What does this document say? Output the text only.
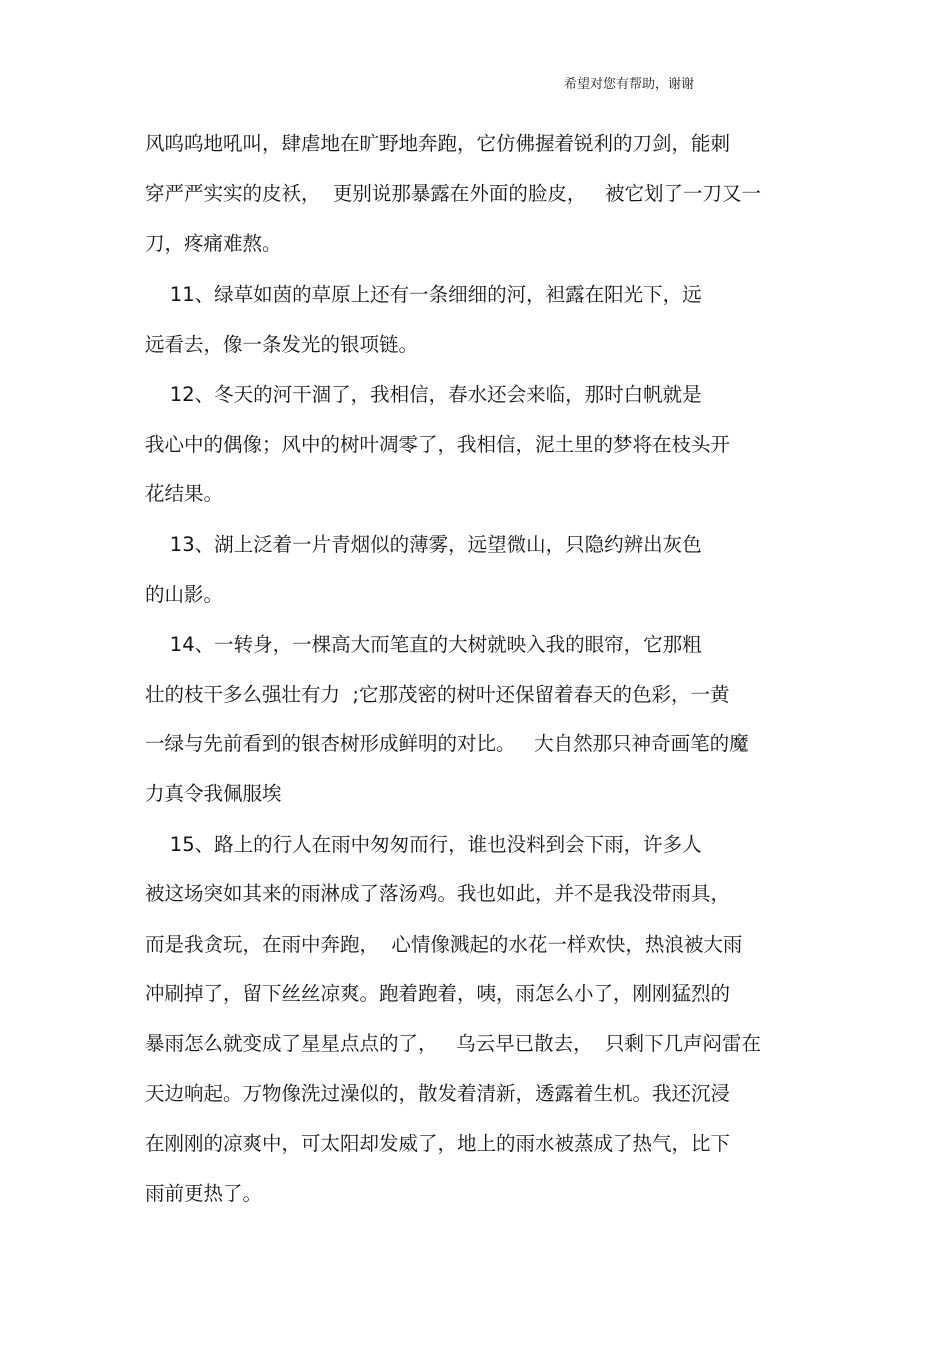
希望对您有帮助，谢谢
风呜呜地吼叫，肆虐地在旷野地奔跑，它仿佛握着锐利的刀剑，能刺
穿严严实实的皮袄，  更别说那暴露在外面的脸皮，   被它划了一刀又一
刀，疼痛难熬。
11、绿草如茵的草原上还有一条细细的河，袒露在阳光下，远
远看去，像一条发光的银项链。
12、冬天的河干涸了，我相信，春水还会来临，那时白帆就是
我心中的偶像；风中的树叶凋零了，我相信，泥土里的梦将在枝头开
花结果。
13、湖上泛着一片青烟似的薄雾，远望微山，只隐约辨出灰色
的山影。
14、一转身，一棵高大而笔直的大树就映入我的眼帘，它那粗
壮的枝干多么强壮有力  ;它那茂密的树叶还保留着春天的色彩，一黄
一绿与先前看到的银杏树形成鲜明的对比。   大自然那只神奇画笔的魔
力真令我佩服埃
15、路上的行人在雨中匆匆而行，谁也没料到会下雨，许多人
被这场突如其来的雨淋成了落汤鸡。我也如此，并不是我没带雨具，
而是我贪玩，在雨中奔跑，  心情像溅起的水花一样欢快，热浪被大雨
冲刷掉了，留下丝丝凉爽。跑着跑着，咦，雨怎么小了，刚刚猛烈的
暴雨怎么就变成了星星点点的了，   乌云早已散去，  只剩下几声闷雷在
天边响起。万物像洗过澡似的，散发着清新，透露着生机。我还沉浸
在刚刚的凉爽中，可太阳却发威了，地上的雨水被蒸成了热气，比下
雨前更热了。
